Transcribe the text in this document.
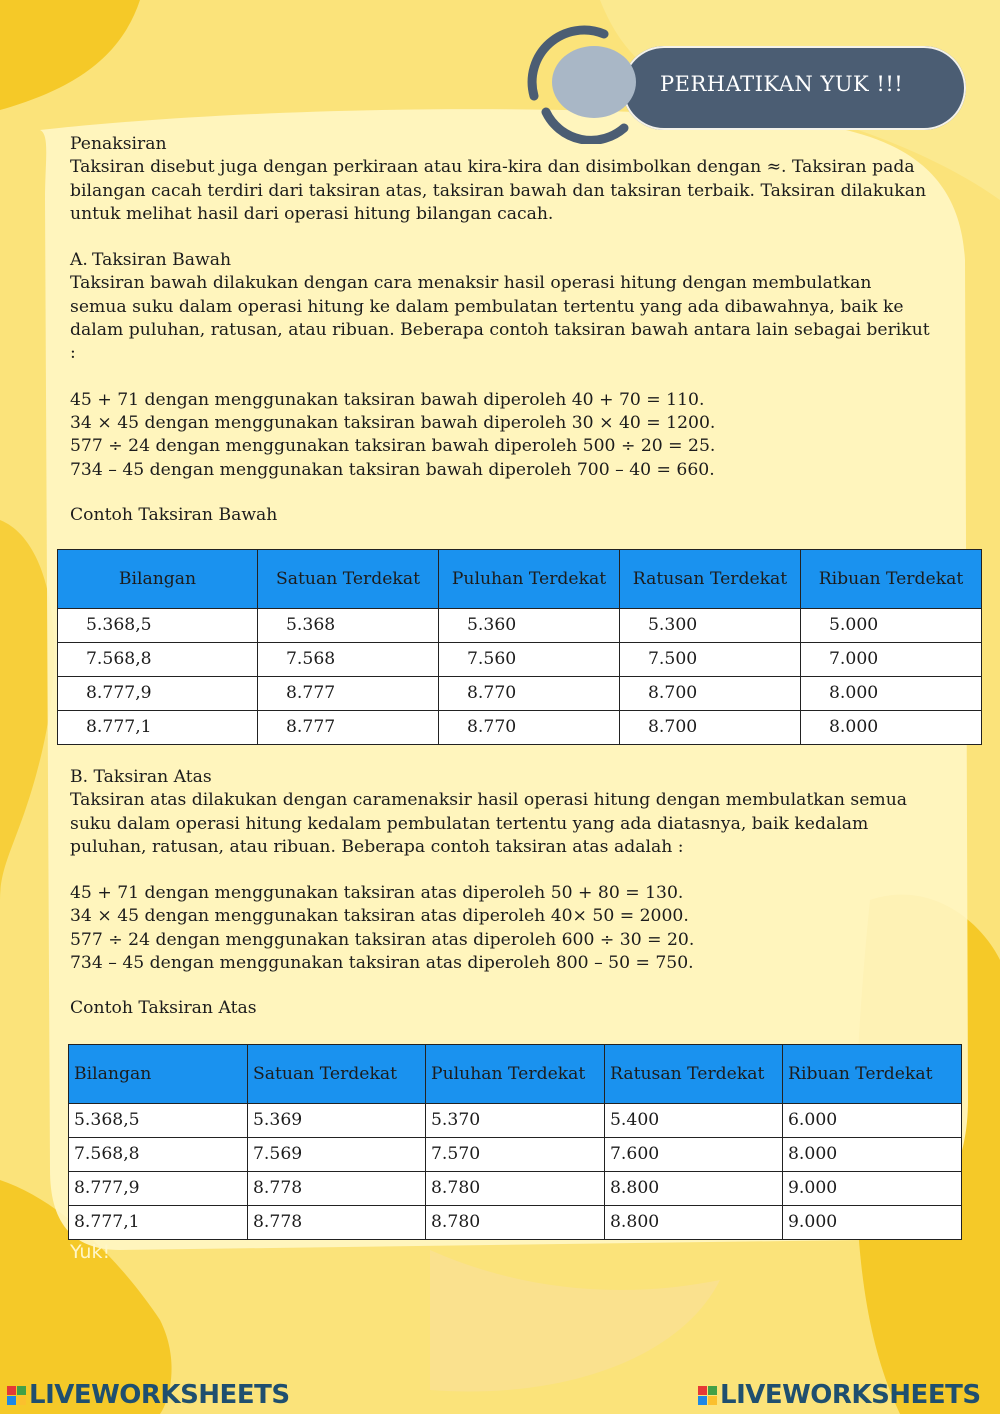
PERHATIKAN YUK !!!

Penaksiran

Taksiran disebut juga dengan perkiraan atau kira-kira dan disimbolkan dengan ≈. Taksiran pada bilangan cacah terdiri dari taksiran atas, taksiran bawah dan taksiran terbaik. Taksiran dilakukan untuk melihat hasil dari operasi hitung bilangan cacah.

A. Taksiran Bawah

Taksiran bawah dilakukan dengan cara menaksir hasil operasi hitung dengan membulatkan semua suku dalam operasi hitung ke dalam pembulatan tertentu yang ada dibawahnya, baik ke dalam puluhan, ratusan, atau ribuan. Beberapa contoh taksiran bawah antara lain sebagai berikut :

45 + 71 dengan menggunakan taksiran bawah diperoleh 40 + 70 = 110.

34 × 45 dengan menggunakan taksiran bawah diperoleh 30 × 40 = 1200.

577 ÷ 24 dengan menggunakan taksiran bawah diperoleh 500 ÷ 20 = 25.

734 – 45 dengan menggunakan taksiran bawah diperoleh 700 – 40 = 660.

Contoh Taksiran Bawah

Bilangan	Satuan Terdekat	Puluhan Terdekat	Ratusan Terdekat	Ribuan Terdekat
5.368,5	5.368	5.360	5.300	5.000
7.568,8	7.568	7.560	7.500	7.000
8.777,9	8.777	8.770	8.700	8.000
8.777,1	8.777	8.770	8.700	8.000

B. Taksiran Atas

Taksiran atas dilakukan dengan caramenaksir hasil operasi hitung dengan membulatkan semua suku dalam operasi hitung kedalam pembulatan tertentu yang ada diatasnya, baik kedalam puluhan, ratusan, atau ribuan. Beberapa contoh taksiran atas adalah :

45 + 71 dengan menggunakan taksiran atas diperoleh 50 + 80 = 130.

34 × 45 dengan menggunakan taksiran atas diperoleh 40× 50 = 2000.

577 ÷ 24 dengan menggunakan taksiran atas diperoleh 600 ÷ 30 = 20.

734 – 45 dengan menggunakan taksiran atas diperoleh 800 – 50 = 750.

Contoh Taksiran Atas

Bilangan	Satuan Terdekat	Puluhan Terdekat	Ratusan Terdekat	Ribuan Terdekat
5.368,5	5.369	5.370	5.400	6.000
7.568,8	7.569	7.570	7.600	8.000
8.777,9	8.778	8.780	8.800	9.000
8.777,1	8.778	8.780	8.800	9.000
Yuk!
LIVEWORKSHEETS	LIVEWORKSHEETS
